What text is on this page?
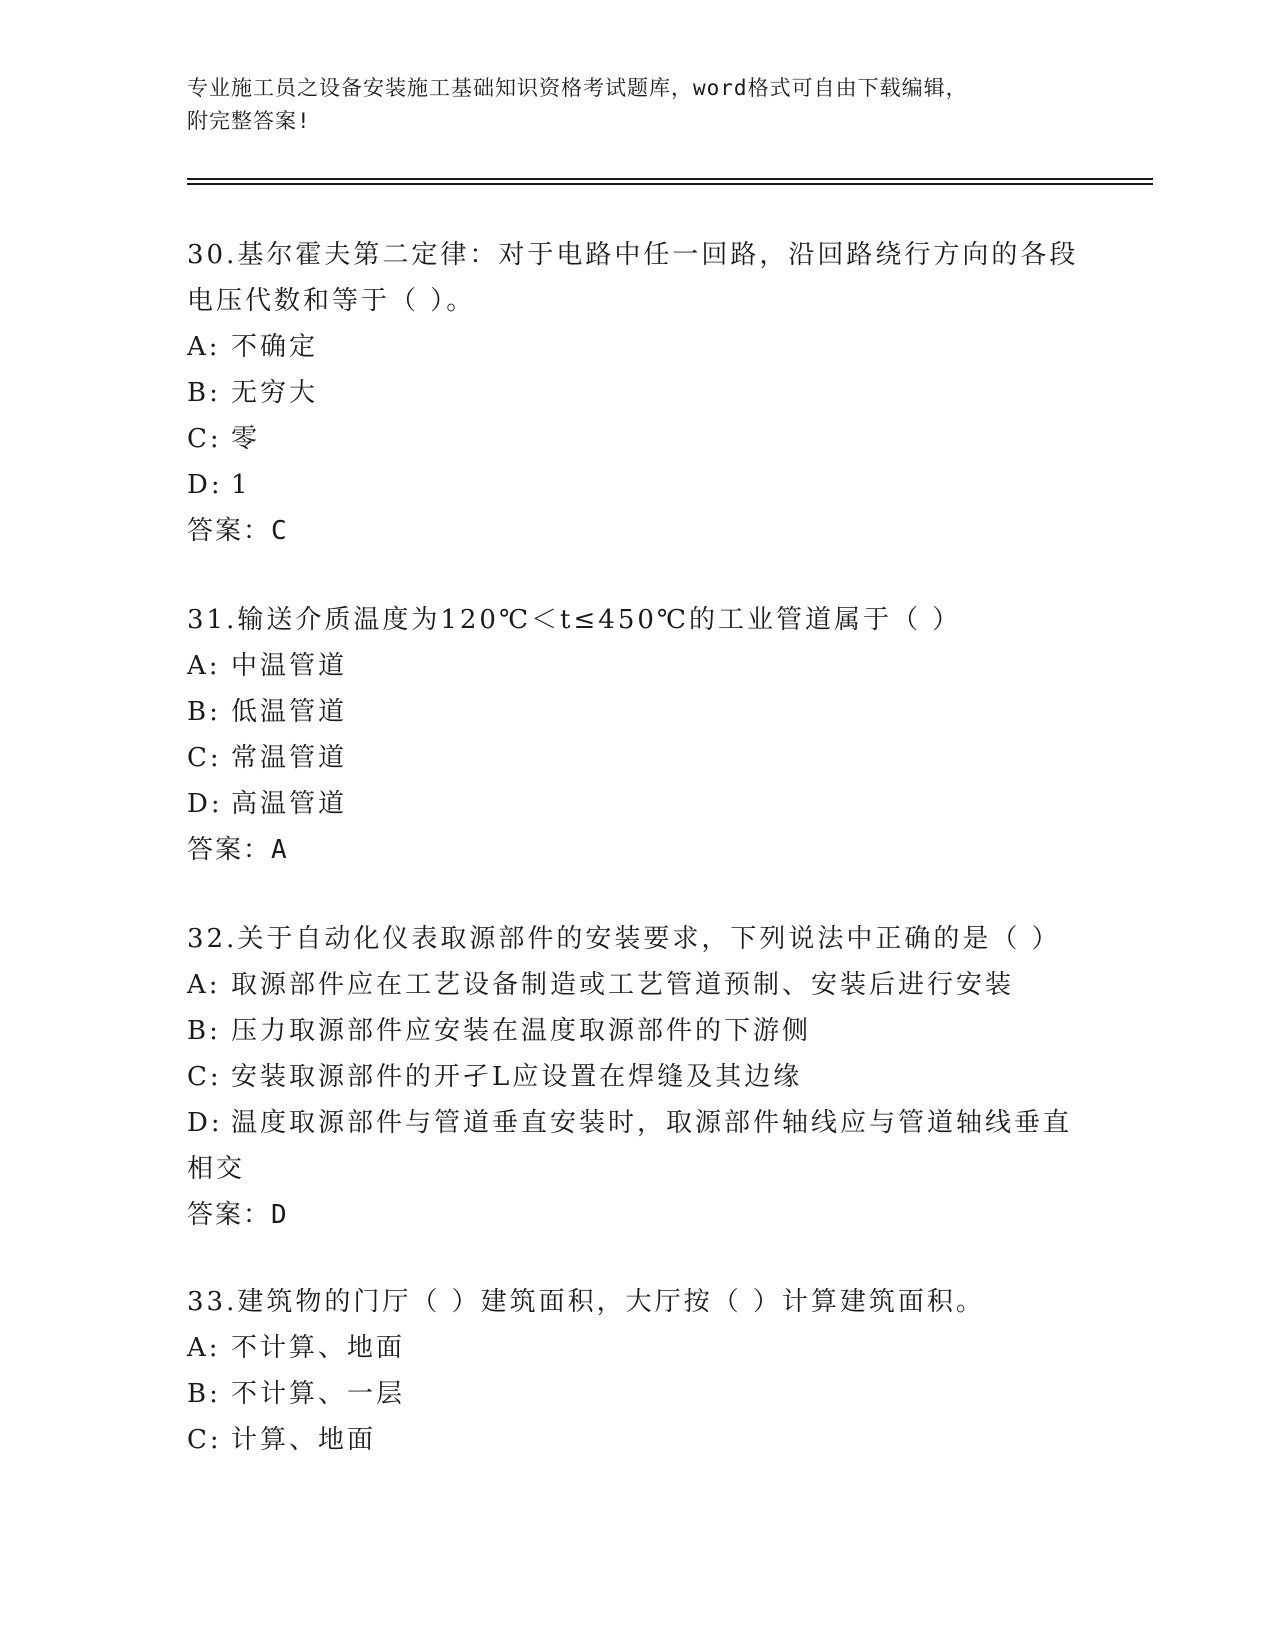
专业施工员之设备安装施工基础知识资格考试题库，word格式可自由下载编辑，
附完整答案!
30.基尔霍夫第二定律：对于电路中任一回路，沿回路绕行方向的各段
电压代数和等于（ ）。
A: 不确定
B: 无穷大
C: 零
D: 1
答案：C
31.输送介质温度为120℃＜t≤450℃的工业管道属于（ ）
A: 中温管道
B: 低温管道
C: 常温管道
D: 高温管道
答案：A
32.关于自动化仪表取源部件的安装要求，下列说法中正确的是（ ）
A: 取源部件应在工艺设备制造或工艺管道预制、安装后进行安装
B: 压力取源部件应安装在温度取源部件的下游侧
C: 安装取源部件的开孑L应设置在焊缝及其边缘
D: 温度取源部件与管道垂直安装时，取源部件轴线应与管道轴线垂直
相交
答案：D
33.建筑物的门厅（ ）建筑面积，大厅按（ ）计算建筑面积。
A: 不计算、地面
B: 不计算、一层
C: 计算、地面
